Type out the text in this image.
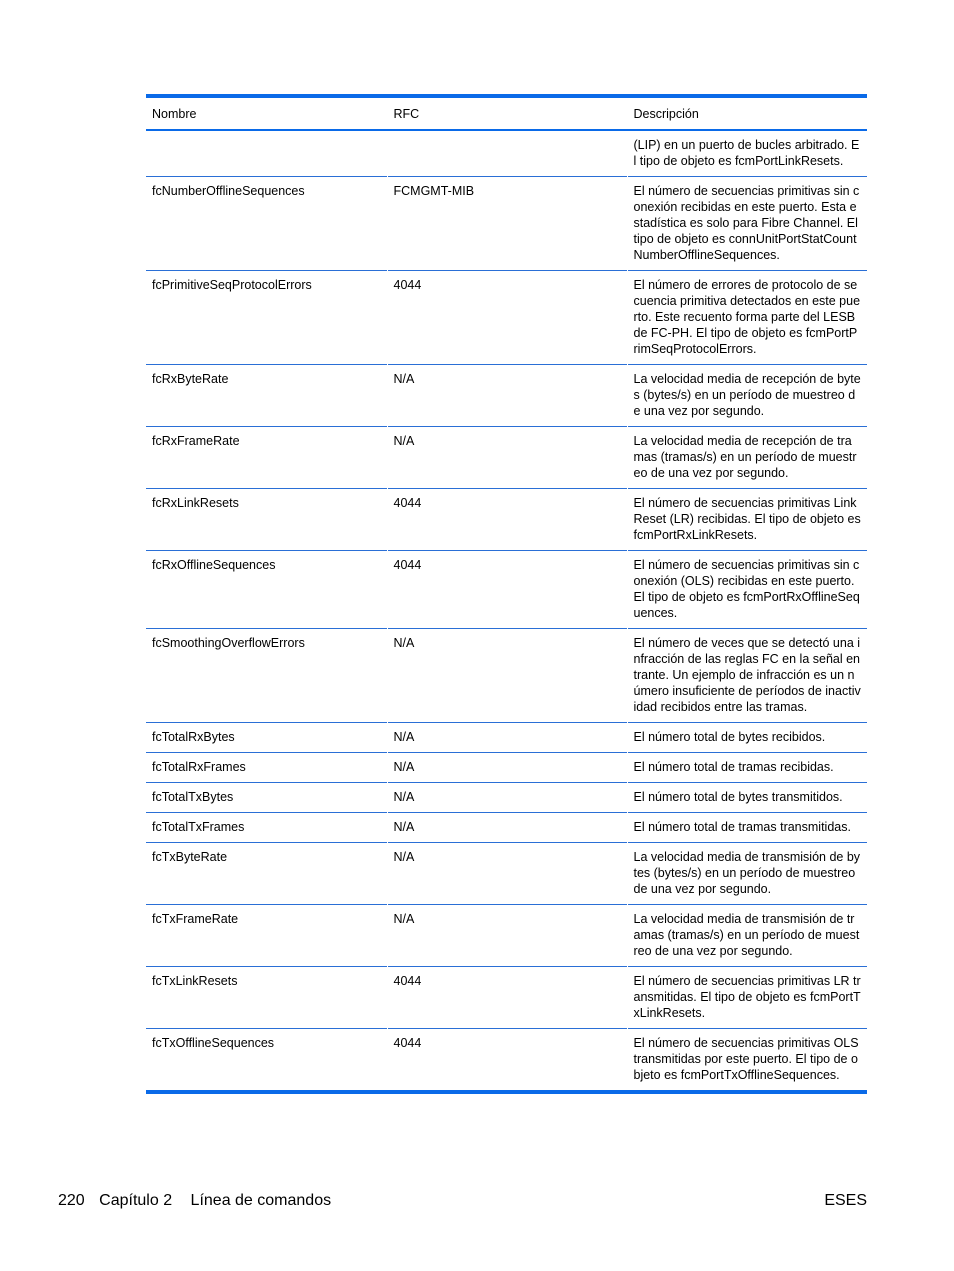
Nombre	RFC	Descripción
		(LIP) en un puerto de bucles arbitrado. El tipo de objeto es fcmPortLinkResets.
fcNumberOfflineSequences	FCMGMT-MIB	El número de secuencias primitivas sin conexión recibidas en este puerto. Esta estadística es solo para Fibre Channel. El tipo de objeto es connUnitPortStatCountNumberOfflineSequences.
fcPrimitiveSeqProtocolErrors	4044	El número de errores de protocolo de secuencia primitiva detectados en este puerto. Este recuento forma parte del LESB de FC-PH. El tipo de objeto es fcmPortPrimSeqProtocolErrors.
fcRxByteRate	N/A	La velocidad media de recepción de bytes (bytes/s) en un período de muestreo de una vez por segundo.
fcRxFrameRate	N/A	La velocidad media de recepción de tramas (tramas/s) en un período de muestreo de una vez por segundo.
fcRxLinkResets	4044	El número de secuencias primitivas Link Reset (LR) recibidas. El tipo de objeto es fcmPortRxLinkResets.
fcRxOfflineSequences	4044	El número de secuencias primitivas sin conexión (OLS) recibidas en este puerto. El tipo de objeto es fcmPortRxOfflineSequences.
fcSmoothingOverflowErrors	N/A	El número de veces que se detectó una infracción de las reglas FC en la señal entrante. Un ejemplo de infracción es un número insuficiente de períodos de inactividad recibidos entre las tramas.
fcTotalRxBytes	N/A	El número total de bytes recibidos.
fcTotalRxFrames	N/A	El número total de tramas recibidas.
fcTotalTxBytes	N/A	El número total de bytes transmitidos.
fcTotalTxFrames	N/A	El número total de tramas transmitidas.
fcTxByteRate	N/A	La velocidad media de transmisión de bytes (bytes/s) en un período de muestreo de una vez por segundo.
fcTxFrameRate	N/A	La velocidad media de transmisión de tramas (tramas/s) en un período de muestreo de una vez por segundo.
fcTxLinkResets	4044	El número de secuencias primitivas LR transmitidas. El tipo de objeto es fcmPortTxLinkResets.
fcTxOfflineSequences	4044	El número de secuencias primitivas OLS transmitidas por este puerto. El tipo de objeto es fcmPortTxOfflineSequences.
220 Capítulo 2 Línea de comandos	ESES
